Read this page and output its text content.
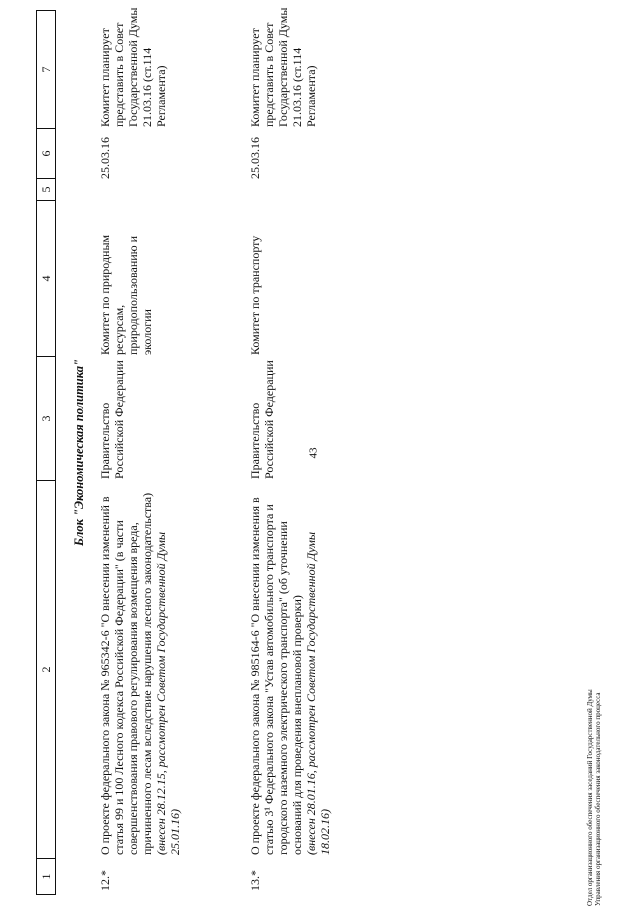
43
1
2
3
4
5
6
7
Блок "Экономическая политика"
12.*
О проекте федерального закона № 965342-6 "О внесении изменений в статья 99 и 100 Лесного кодекса Российской Федерации" (в части совершенствования правового регулирования возмещения вреда, причиненного лесам вследствие нарушения лесного законодательства) (внесен 28.12.15, рассмотрен Советом Государственной Думы 25.01.16)
Правительство Российской Федерации
Комитет по природным ресурсам, природопользованию и экологии
25.03.16
Комитет планирует представить в Совет Государственной Думы 21.03.16 (ст.114 Регламента)
13.*
О проекте федерального закона № 985164-6 "О внесении изменения в статью 3¹ Федерального закона "Устав автомобильного транспорта и городского наземного электрического транспорта" (об уточнении оснований для проведения внеплановой проверки) (внесен 28.01.16, рассмотрен Советом Государственной Думы 18.02.16)
Правительство Российской Федерации
Комитет по транспорту
25.03.16
Комитет планирует представить в Совет Государственной Думы 21.03.16 (ст.114 Регламента)
Отдел организационного обеспечения заседаний Государственной Думы Управления организационного обеспечения законодательного процесса
